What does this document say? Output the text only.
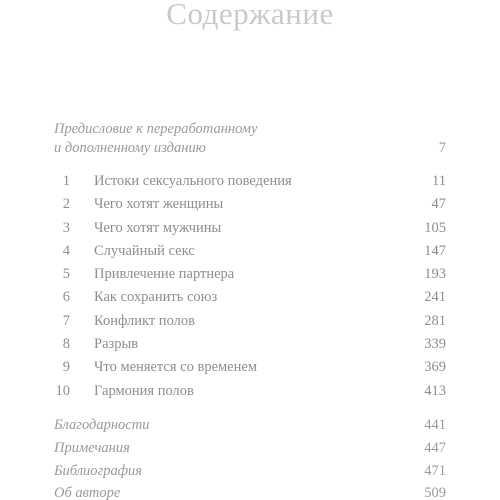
Содержание
Предисловие к переработанному
и дополненному изданию	7
1 Истоки сексуального поведения	11
2 Чего хотят женщины	47
3 Чего хотят мужчины	105
4 Случайный секс	147
5 Привлечение партнера	193
6 Как сохранить союз	241
7 Конфликт полов	281
8 Разрыв	339
9 Что меняется со временем	369
10 Гармония полов	413
Благодарности	441
Примечания	447
Библиография	471
Об авторе	509
